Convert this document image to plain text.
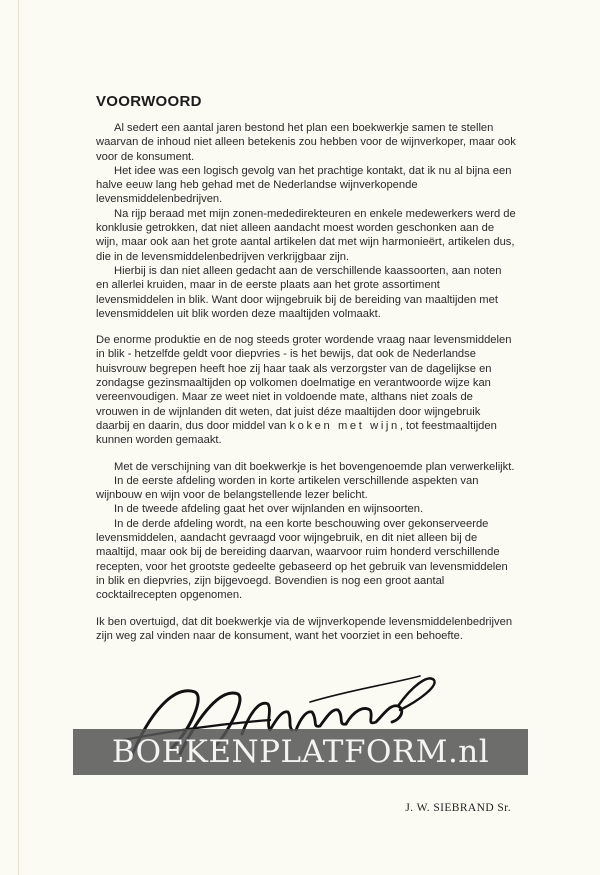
VOORWOORD

Al sedert een aantal jaren bestond het plan een boekwerkje samen te stellen waarvan de inhoud niet alleen betekenis zou hebben voor de wijnverkoper, maar ook voor de konsument.

Het idee was een logisch gevolg van het prachtige kontakt, dat ik nu al bijna een halve eeuw lang heb gehad met de Nederlandse wijnverkopende levensmiddelenbedrijven.

Na rijp beraad met mijn zonen-mededirekteuren en enkele medewerkers werd de konklusie getrokken, dat niet alleen aandacht moest worden geschonken aan de wijn, maar ook aan het grote aantal artikelen dat met wijn harmonieërt, artikelen dus, die in de levensmiddelenbedrijven verkrijgbaar zijn.

Hierbij is dan niet alleen gedacht aan de verschillende kaassoorten, aan noten en allerlei kruiden, maar in de eerste plaats aan het grote assortiment levensmiddelen in blik. Want door wijngebruik bij de bereiding van maaltijden met levensmiddelen uit blik worden deze maaltijden volmaakt.

De enorme produktie en de nog steeds groter wordende vraag naar levensmiddelen in blik - hetzelfde geldt voor diepvries - is het bewijs, dat ook de Nederlandse huisvrouw begrepen heeft hoe zij haar taak als verzorgster van de dagelijkse en zondagse gezinsmaaltijden op volkomen doelmatige en verantwoorde wijze kan vereenvoudigen. Maar ze weet niet in voldoende mate, althans niet zoals de vrouwen in de wijnlanden dit weten, dat juist déze maaltijden door wijngebruik daarbij en daarin, dus door middel van koken met wijn, tot feestmaaltijden kunnen worden gemaakt.

Met de verschijning van dit boekwerkje is het bovengenoemde plan verwerkelijkt.

In de eerste afdeling worden in korte artikelen verschillende aspekten van wijnbouw en wijn voor de belangstellende lezer belicht.

In de tweede afdeling gaat het over wijnlanden en wijnsoorten.

In de derde afdeling wordt, na een korte beschouwing over gekonserveerde levensmiddelen, aandacht gevraagd voor wijngebruik, en dit niet alleen bij de maaltijd, maar ook bij de bereiding daarvan, waarvoor ruim honderd verschillende recepten, voor het grootste gedeelte gebaseerd op het gebruik van levensmiddelen in blik en diepvries, zijn bijgevoegd. Bovendien is nog een groot aantal cocktailrecepten opgenomen.

Ik ben overtuigd, dat dit boekwerkje via de wijnverkopende levensmiddelenbedrijven zijn weg zal vinden naar de konsument, want het voorziet in een behoefte.

BOEKENPLATFORM.nl
J. W. SIEBRAND Sr.
